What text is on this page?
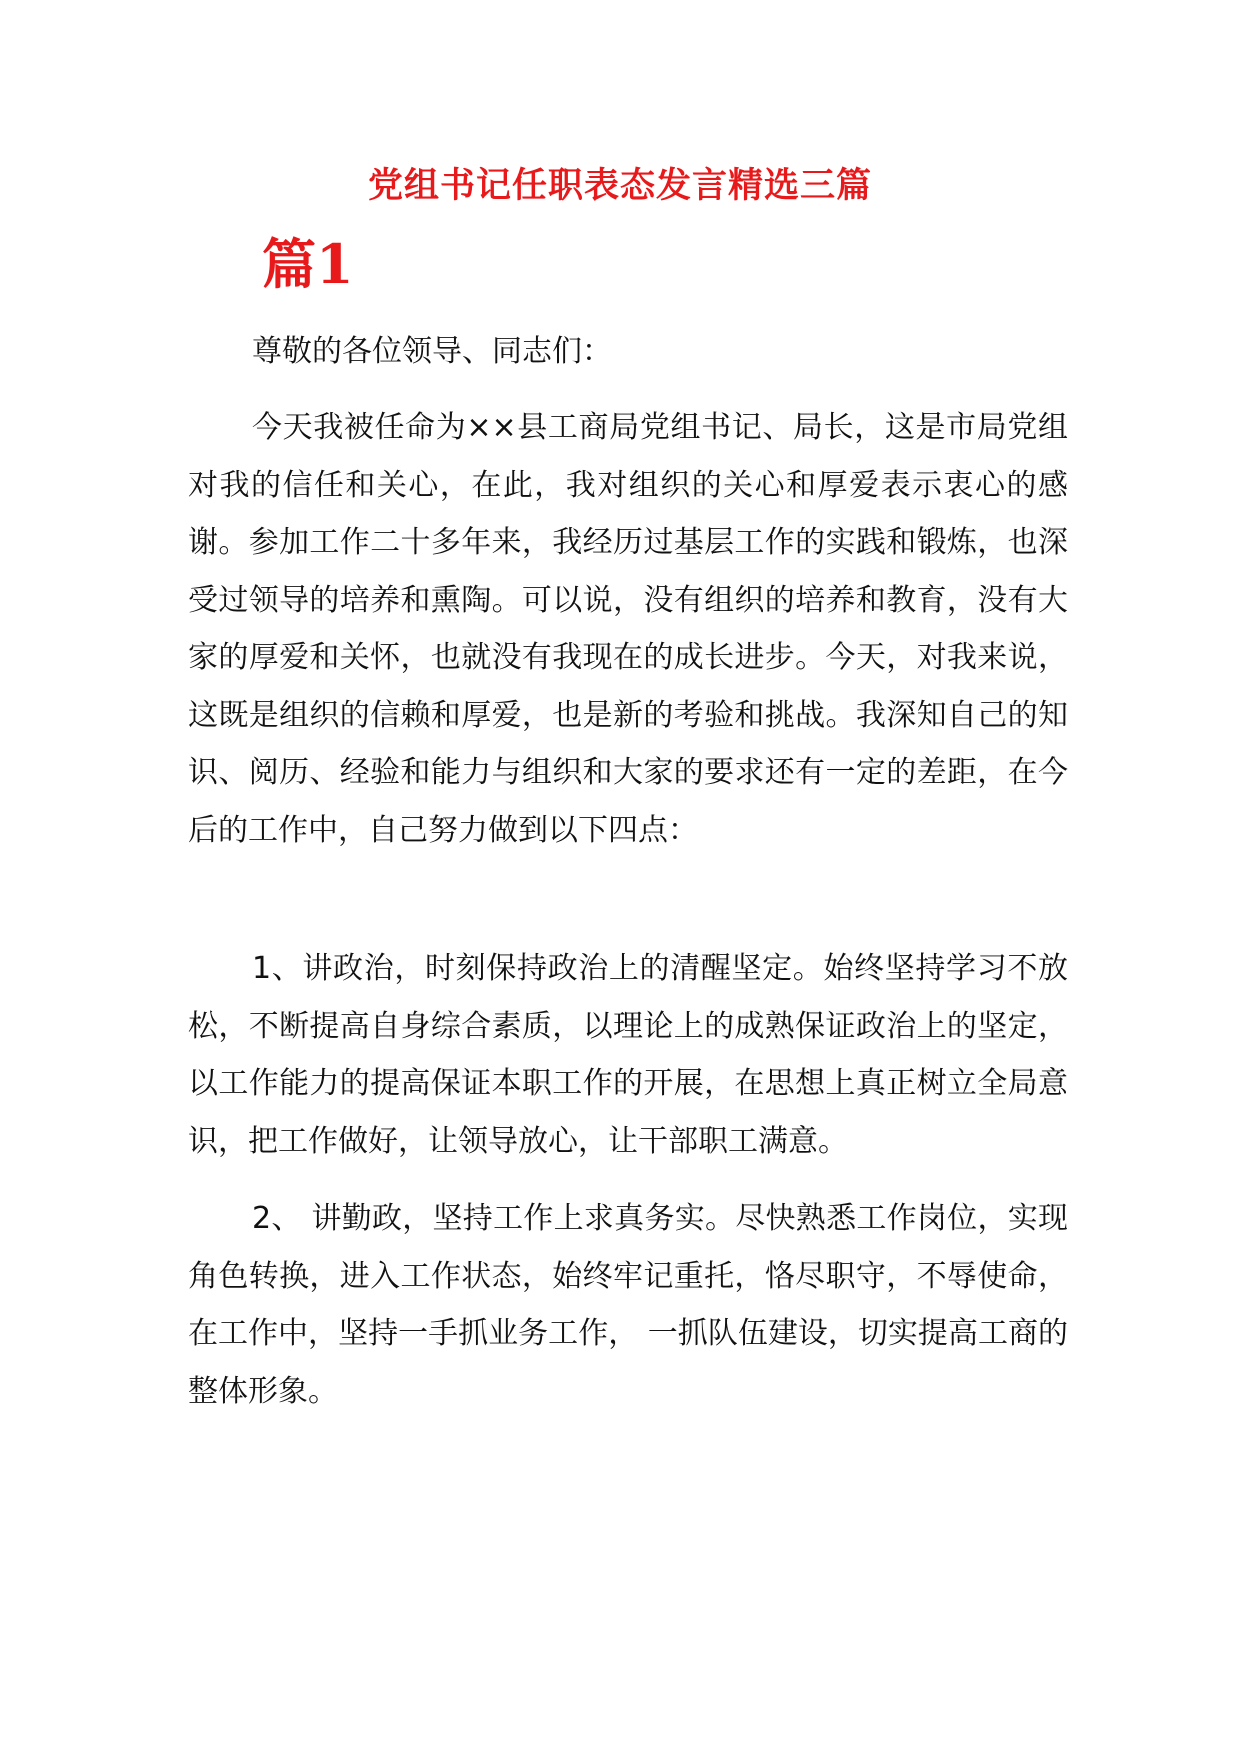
党组书记任职表态发言精选三篇
篇1

尊敬的各位领导、同志们：

今天我被任命为××县工商局党组书记、局长，这是市局党组对我的信任和关心，在此，我对组织的关心和厚爱表示衷心的感谢。参加工作二十多年来，我经历过基层工作的实践和锻炼，也深受过领导的培养和熏陶。可以说，没有组织的培养和教育，没有大家的厚爱和关怀，也就没有我现在的成长进步。今天，对我来说，这既是组织的信赖和厚爱，也是新的考验和挑战。我深知自己的知识、阅历、经验和能力与组织和大家的要求还有一定的差距，在今后的工作中，自己努力做到以下四点：

1、讲政治，时刻保持政治上的清醒坚定。始终坚持学习不放松，不断提高自身综合素质，以理论上的成熟保证政治上的坚定，以工作能力的提高保证本职工作的开展，在思想上真正树立全局意识，把工作做好，让领导放心，让干部职工满意。

2、 讲勤政，坚持工作上求真务实。尽快熟悉工作岗位，实现角色转换，进入工作状态，始终牢记重托，恪尽职守，不辱使命，在工作中，坚持一手抓业务工作， 一抓队伍建设，切实提高工商的整体形象。
